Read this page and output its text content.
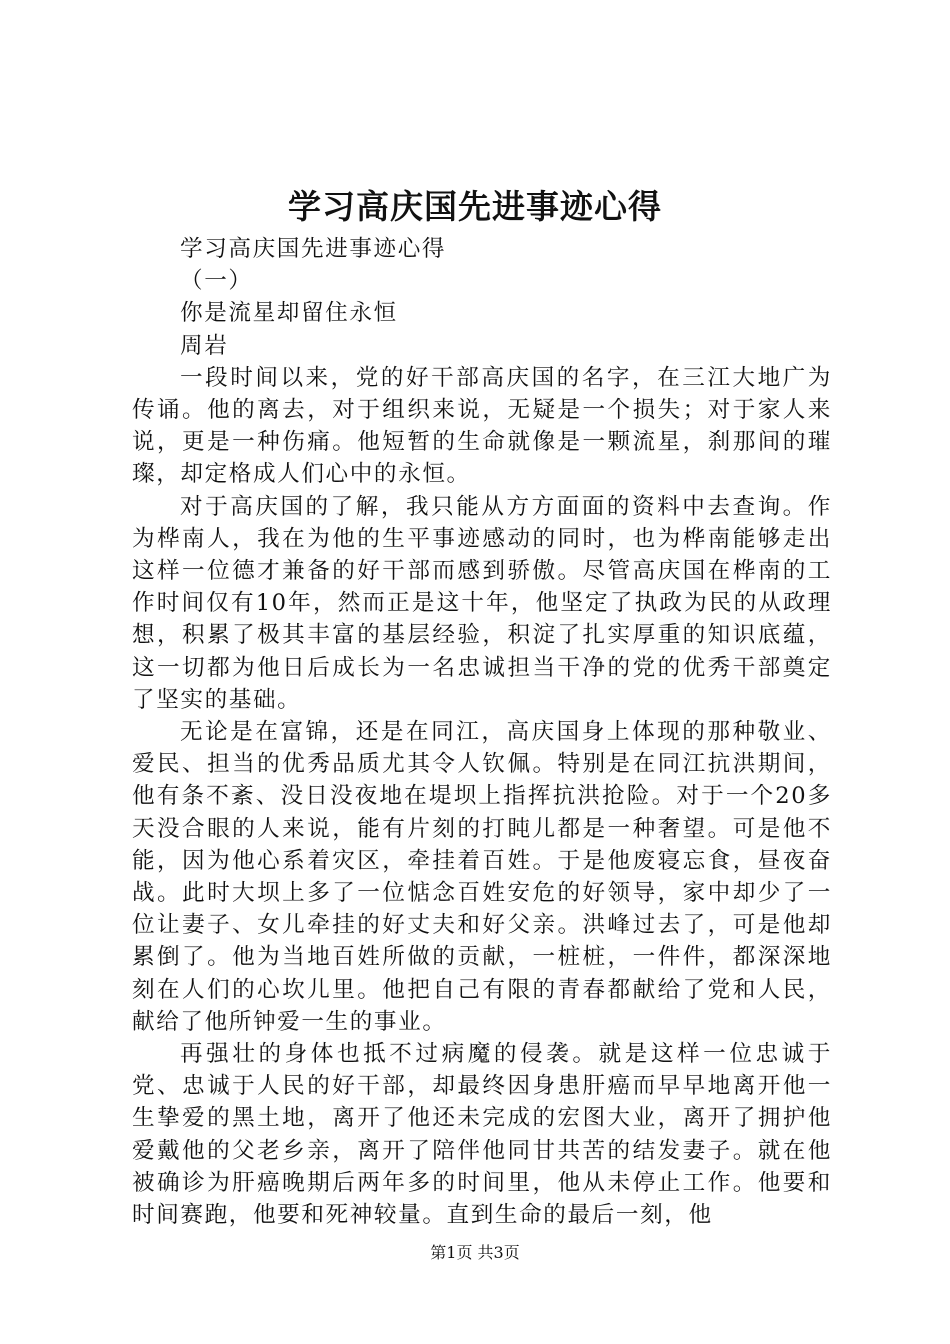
学习高庆国先进事迹心得

学习高庆国先进事迹心得

（一）

你是流星却留住永恒

周岩

一段时间以来，党的好干部高庆国的名字，在三江大地广为传诵。他的离去，对于组织来说，无疑是一个损失；对于家人来说，更是一种伤痛。他短暂的生命就像是一颗流星，刹那间的璀璨，却定格成人们心中的永恒。

对于高庆国的了解，我只能从方方面面的资料中去查询。作为桦南人，我在为他的生平事迹感动的同时，也为桦南能够走出这样一位德才兼备的好干部而感到骄傲。尽管高庆国在桦南的工作时间仅有10年，然而正是这十年，他坚定了执政为民的从政理想，积累了极其丰富的基层经验，积淀了扎实厚重的知识底蕴，这一切都为他日后成长为一名忠诚担当干净的党的优秀干部奠定了坚实的基础。

无论是在富锦，还是在同江，高庆国身上体现的那种敬业、爱民、担当的优秀品质尤其令人钦佩。特别是在同江抗洪期间，他有条不紊、没日没夜地在堤坝上指挥抗洪抢险。对于一个20多天没合眼的人来说，能有片刻的打盹儿都是一种奢望。可是他不能，因为他心系着灾区，牵挂着百姓。于是他废寝忘食，昼夜奋战。此时大坝上多了一位惦念百姓安危的好领导，家中却少了一位让妻子、女儿牵挂的好丈夫和好父亲。洪峰过去了，可是他却累倒了。他为当地百姓所做的贡献，一桩桩，一件件，都深深地刻在人们的心坎儿里。他把自己有限的青春都献给了党和人民，献给了他所钟爱一生的事业。

再强壮的身体也抵不过病魔的侵袭。就是这样一位忠诚于党、忠诚于人民的好干部，却最终因身患肝癌而早早地离开他一生挚爱的黑土地，离开了他还未完成的宏图大业，离开了拥护他爱戴他的父老乡亲，离开了陪伴他同甘共苦的结发妻子。就在他被确诊为肝癌晚期后两年多的时间里，他从未停止工作。他要和时间赛跑，他要和死神较量。直到生命的最后一刻，他

第1页 共3页
